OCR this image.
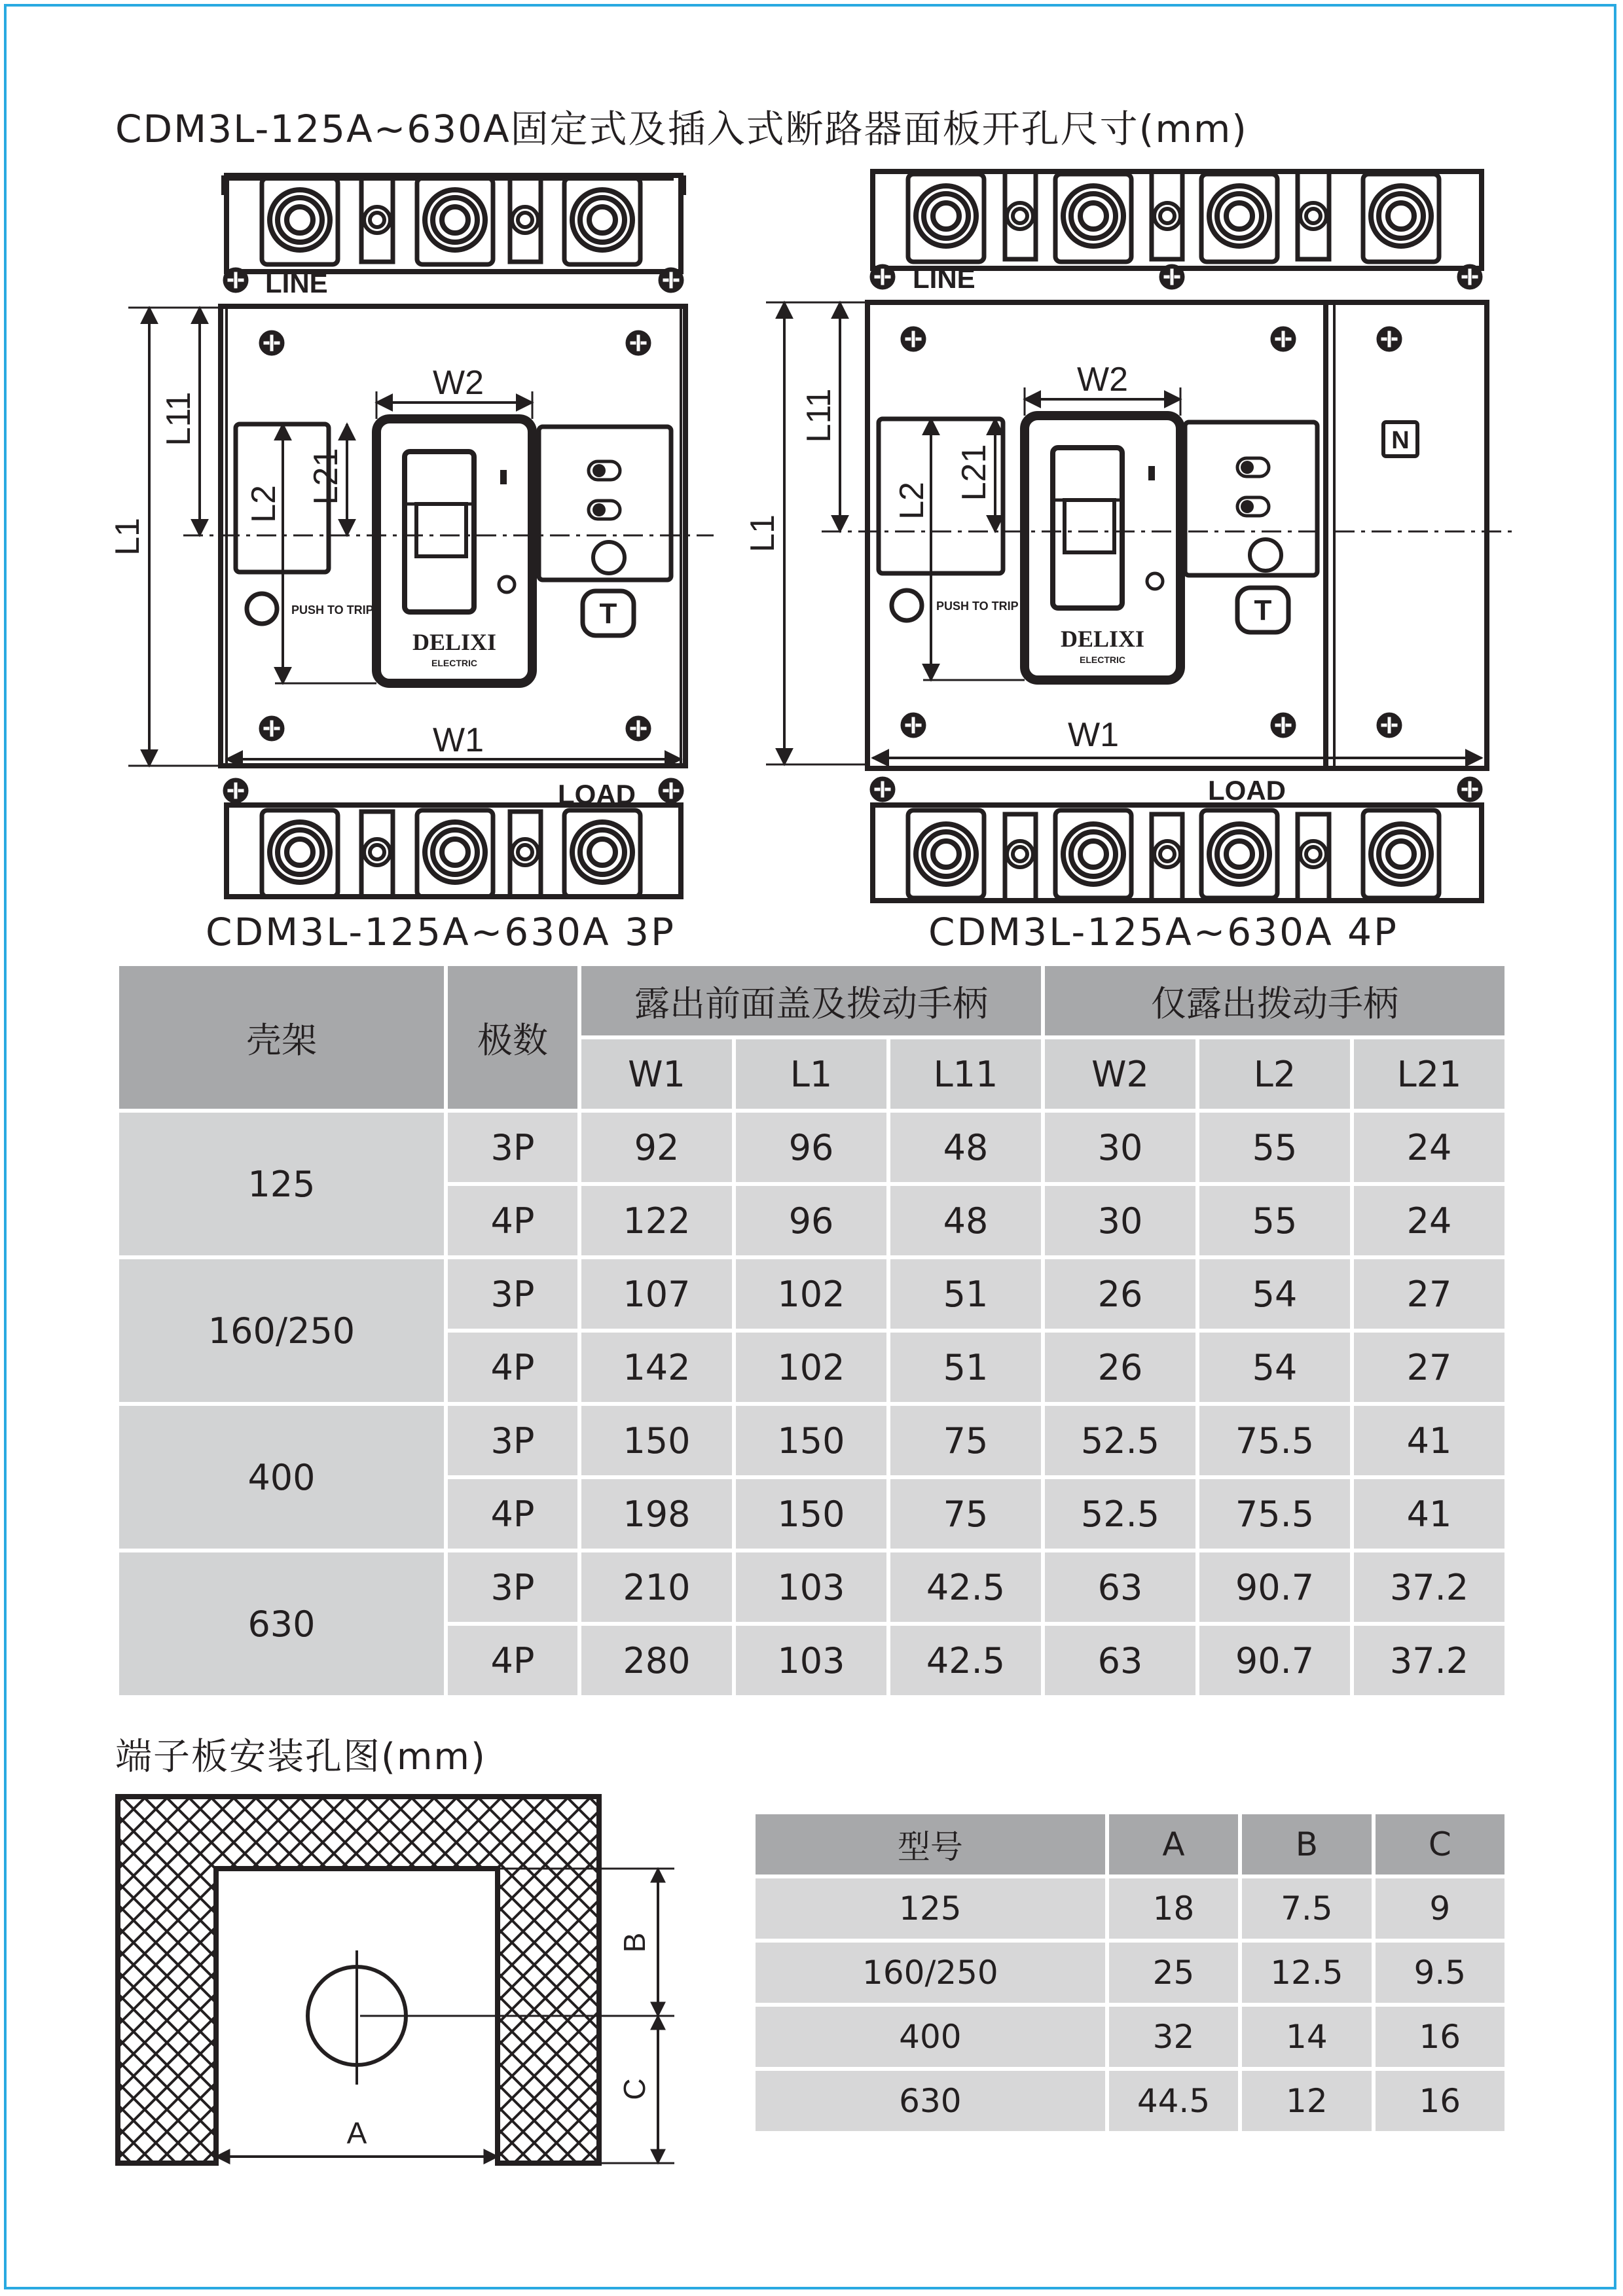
CDM3L-125A~630A固定式及插入式断路器面板开孔尺寸(mm)
LINE
LOAD
PUSH TO TRIP
DELIXI
ELECTRIC
T
W2
W1
L1
L11
L2 L21
LINE
LOAD
PUSH TO TRIP
DELIXI
ELECTRIC
T
N
W2
W1
L1
L11
L2 L21
CDM3L-125A~630A 3P	CDM3L-125A~630A 4P
壳架	极数	露出前面盖及拨动手柄			仅露出拨动手柄		
		W1	L1	L11	W2	L2	L21
125	3P	92	96	48	30	55	24
	4P	122	96	48	30	55	24
160/250	3P	107	102	51	26	54	27
	4P	142	102	51	26	54	27
400	3P	150	150	75	52.5	75.5	41
	4P	198	150	75	52.5	75.5	41
630	3P	210	103	42.5	63	90.7	37.2
	4P	280	103	42.5	63	90.7	37.2
端子板安装孔图(mm)
A
B
C
型号	A	B	C
125	18	7.5	9
160/250	25	12.5	9.5
400	32	14	16
630	44.5	12	16
